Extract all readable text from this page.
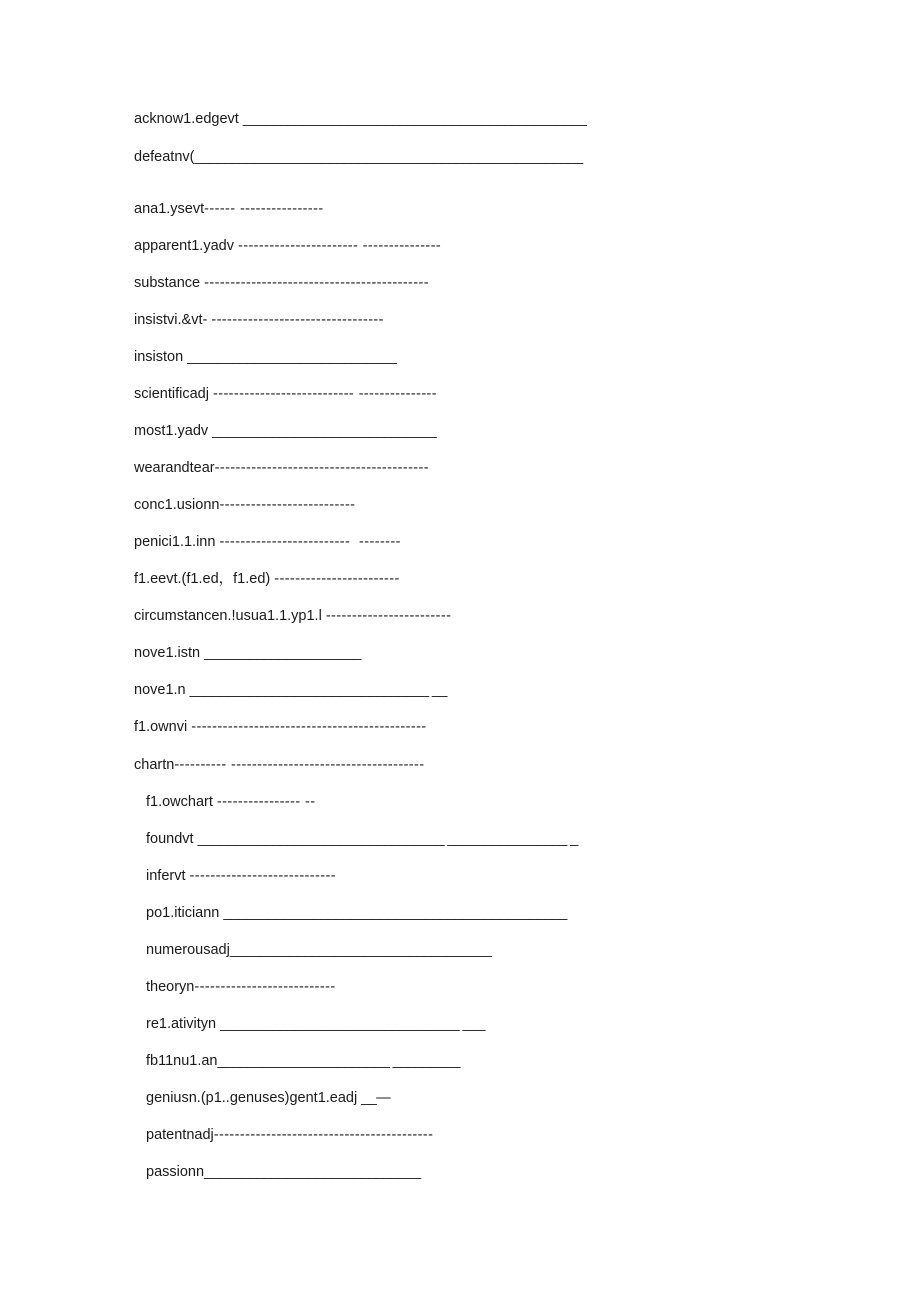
acknow1.edgevt ______________________________________________
defeatnv( ____________________________________________________
ana1.ysevt ------ ----------------
apparent1.yadv ----------------------- ---------------
substance -------------------------------------------
insistvi.&vt- ---------------------------------
insiston ____________________________
scientificadj --------------------------- ---------------
most1.yadv ______________________________
wearandtear -----------------------------------------
conc1.usionn --------------------------
penici1.1.inn -------------------------  --------
f1.eevt.(f1.ed，f1.ed) ------------------------
circumstancen.!usua1.1.yp1.l ------------------------
nove1.istn _____________________
nove1.n ________________________________ __
f1.ownvi ---------------------------------------------
chartn ---------- -------------------------------------
f1.owchart ---------------- --
foundvt _________________________________ ________________ _
infervt ----------------------------
po1.iticiann ______________________________________________
numerousadj ___________________________________
theoryn ---------------------------
re1.ativityn ________________________________ ___
fb11nu1.an _______________________ _________
geniusn.(p1..genuses)gent1.eadj __—
patentnadj ------------------------------------------
passionn _____________________________
